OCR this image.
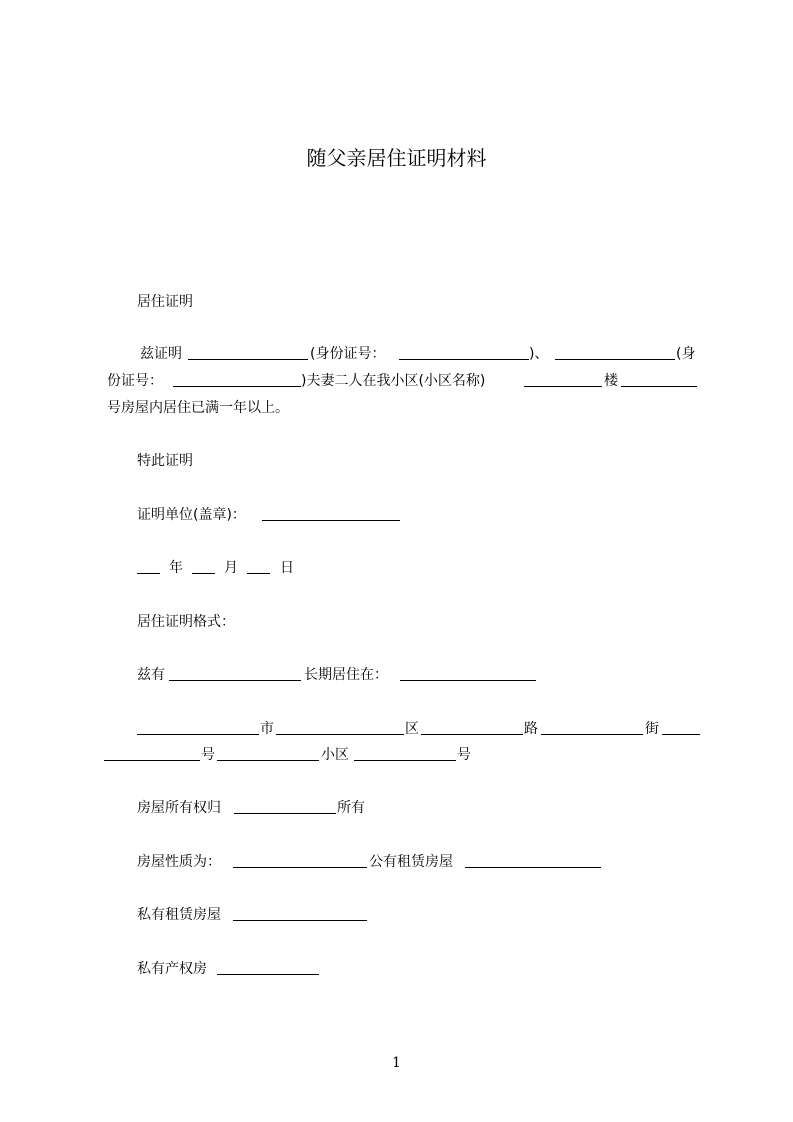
随父亲居住证明材料
居住证明
兹证明	(身份证号：	)、	(身
份证号：	)夫妻二人在我小区(小区名称)	楼
号房屋内居住已满一年以上。
特此证明
证明单位(盖章)：
年	月	日
居住证明格式：
兹有	长期居住在：
市	区	路	街
号	小区	号
房屋所有权归	所有
房屋性质为：	公有租赁房屋
私有租赁房屋
私有产权房
1
